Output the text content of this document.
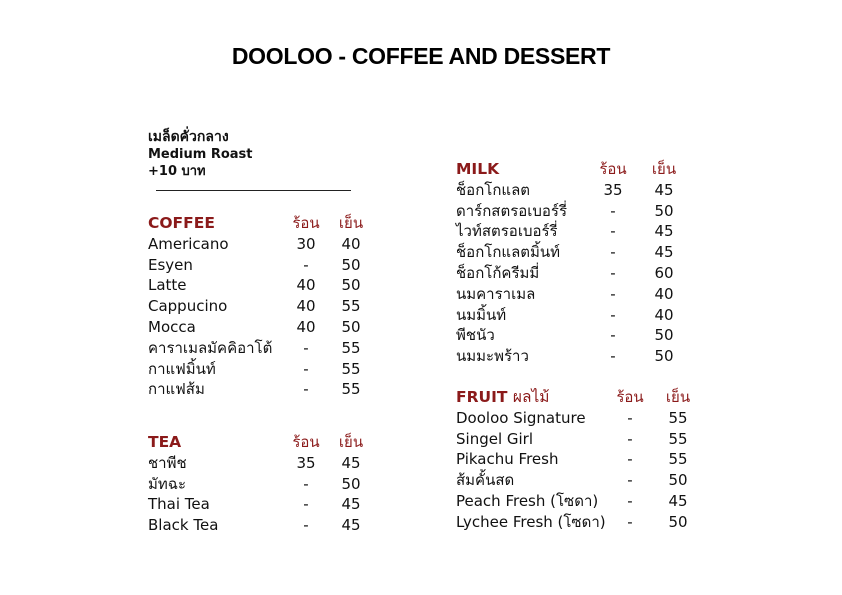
DOOLOO - COFFEE AND DESSERT
เมล็ดคั่วกลาง
Medium Roast
+10 บาท
COFFEE	ร้อน	เย็น
Americano	30	40
Esyen	-	50
Latte	40	50
Cappucino	40	55
Mocca	40	50
คาราเมลมัคคิอาโต้	-	55
กาแฟมิ้นท์	-	55
กาแฟส้ม	-	55
TEA	ร้อน	เย็น
ชาพีช	35	45
มัทฉะ	-	50
Thai Tea	-	45
Black Tea	-	45
MILK	ร้อน	เย็น
ช็อกโกแลต	35	45
ดาร์กสตรอเบอร์รี่	-	50
ไวท์สตรอเบอร์รี่	-	45
ช็อกโกแลตมิ้นท์	-	45
ช็อกโก้ครีมมี่	-	60
นมคาราเมล	-	40
นมมิ้นท์	-	40
พีชนัว	-	50
นมมะพร้าว	-	50
FRUIT ผลไม้	ร้อน	เย็น
Dooloo Signature	-	55
Singel Girl	-	55
Pikachu Fresh	-	55
ส้มคั้นสด	-	50
Peach Fresh (โซดา)	-	45
Lychee Fresh (โซดา)	-	50
